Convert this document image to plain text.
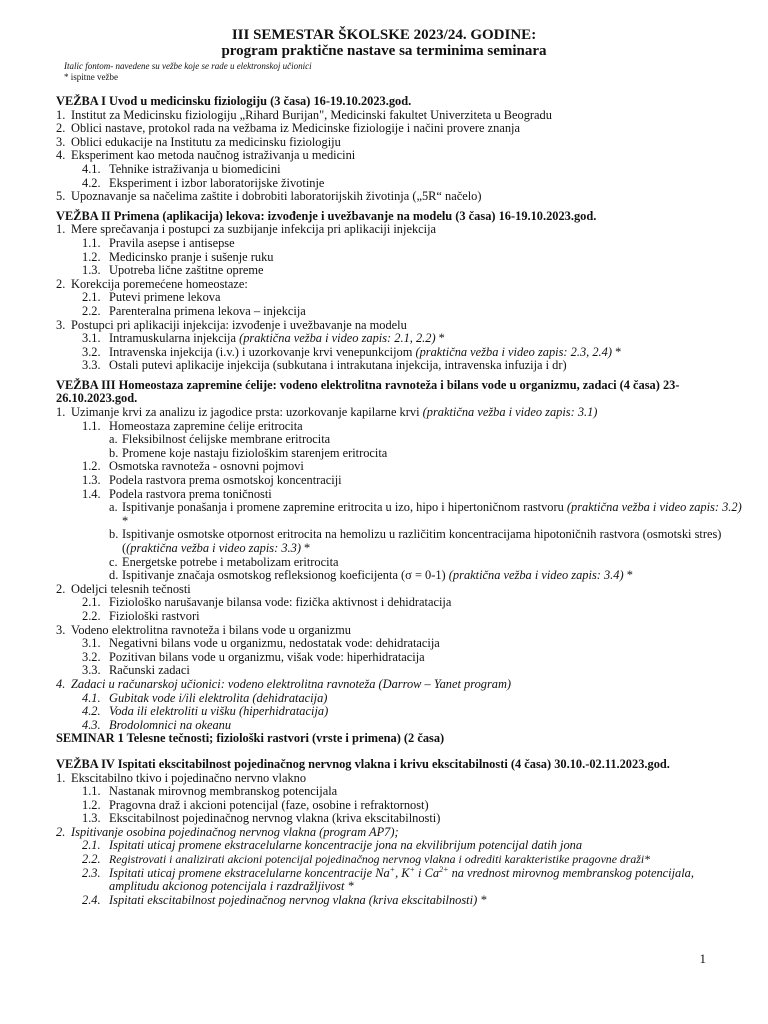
III SEMESTAR ŠKOLSKE 2023/24. GODINE:
program praktične nastave sa terminima seminara
Italic fontom- navedene su vežbe koje se rade u elektronskoj učionici
* ispitne vežbe
VEŽBA I Uvod u medicinsku fiziologiju (3 časa) 16-19.10.2023.god.
1. Institut za Medicinsku fiziologiju „Rihard Burijan", Medicinski fakultet Univerziteta u Beogradu
2. Oblici nastave, protokol rada na vežbama iz Medicinske fiziologije i načini provere znanja
3. Oblici edukacije na Institutu za medicinsku fiziologiju
4. Eksperiment kao metoda naučnog istraživanja u medicini
4.1. Tehnike istraživanja u biomedicini
4.2. Eksperiment i izbor laboratorijske životinje
5. Upoznavanje sa načelima zaštite i dobrobiti laboratorijskih životinja („5R“ načelo)
VEŽBA II Primena (aplikacija) lekova: izvođenje i uvežbavanje na modelu (3 časa) 16-19.10.2023.god.
1. Mere sprečavanja i postupci za suzbijanje infekcija pri aplikaciji injekcija
1.1. Pravila asepse i antisepse
1.2. Medicinsko pranje i sušenje ruku
1.3. Upotreba lične zaštitne opreme
2. Korekcija poremećene homeostaze:
2.1. Putevi primene lekova
2.2. Parenteralna primena lekova – injekcija
3. Postupci pri aplikaciji injekcija: izvođenje i uvežbavanje na modelu
3.1. Intramuskularna injekcija (praktična vežba i video zapis: 2.1, 2.2) *
3.2. Intravenska injekcija (i.v.) i uzorkovanje krvi venepunkcijom (praktična vežba i video zapis: 2.3, 2.4) *
3.3. Ostali putevi aplikacije injekcija (subkutana i intrakutana injekcija, intravenska infuzija i dr)
VEŽBA III Homeostaza zapremine ćelije: vodeno elektrolitna ravnoteža i bilans vode u organizmu, zadaci (4 časa) 23-26.10.2023.god.
1. Uzimanje krvi za analizu iz jagodice prsta: uzorkovanje kapilarne krvi (praktična vežba i video zapis: 3.1)
1.1. Homeostaza zapremine ćelije eritrocita
a. Fleksibilnost ćelijske membrane eritrocita
b. Promene koje nastaju fiziološkim starenjem eritrocita
1.2. Osmotska ravnoteža - osnovni pojmovi
1.3. Podela rastvora prema osmotskoj koncentraciji
1.4. Podela rastvora prema toničnosti
a. Ispitivanje ponašanja i promene zapremine eritrocita u izo, hipo i hipertoničnom rastvoru (praktična vežba i video zapis: 3.2) *
b. Ispitivanje osmotske otpornost eritrocita na hemolizu u različitim koncentracijama hipotoničnih rastvora (osmotski stres) ((praktična vežba i video zapis: 3.3) *
c. Energetske potrebe i metabolizam eritrocita
d. Ispitivanje značaja osmotskog refleksionog koeficijenta (σ = 0-1) (praktična vežba i video zapis: 3.4) *
2. Odeljci telesnih tečnosti
2.1. Fiziološko narušavanje bilansa vode: fizička aktivnost i dehidratacija
2.2. Fiziološki rastvori
3. Vodeno elektrolitna ravnoteža i bilans vode u organizmu
3.1. Negativni bilans vode u organizmu, nedostatak vode: dehidratacija
3.2. Pozitivan bilans vode u organizmu, višak vode: hiperhidratacija
3.3. Računski zadaci
4. Zadaci u računarskoj učionici: vodeno elektrolitna ravnoteža (Darrow – Yanet program)
4.1. Gubitak vode i/ili elektrolita (dehidratacija)
4.2. Voda ili elektroliti u višku (hiperhidratacija)
4.3. Brodolomnici na okeanu
SEMINAR 1 Telesne tečnosti; fiziološki rastvori (vrste i primena) (2 časa)
VEŽBA IV Ispitati ekscitabilnost pojedinačnog nervnog vlakna i krivu ekscitabilnosti (4 časa) 30.10.-02.11.2023.god.
1. Ekscitabilno tkivo i pojedinačno nervno vlakno
1.1. Nastanak mirovnog membranskog potencijala
1.2. Pragovna draž i akcioni potencijal (faze, osobine i refraktornost)
1.3. Ekscitabilnost pojedinačnog nervnog vlakna (kriva ekscitabilnosti)
2. Ispitivanje osobina pojedinačnog nervnog vlakna (program AP7);
2.1. Ispitati uticaj promene ekstracelularne koncentracije jona na ekvilibrijum potencijal datih jona
2.2. Registrovati i analizirati akcioni potencijal pojedinačnog nervnog vlakna i odrediti karakteristike pragovne draži*
2.3. Ispitati uticaj promene ekstracelularne koncentracije Na+, K+ i $Ca^{2+}$ na vrednost mirovnog membranskog potencijala, amplitudu akcionog potencijala i razdražljivost *
2.4. Ispitati ekscitabilnost pojedinačnog nervnog vlakna (kriva ekscitabilnosti) *
1
